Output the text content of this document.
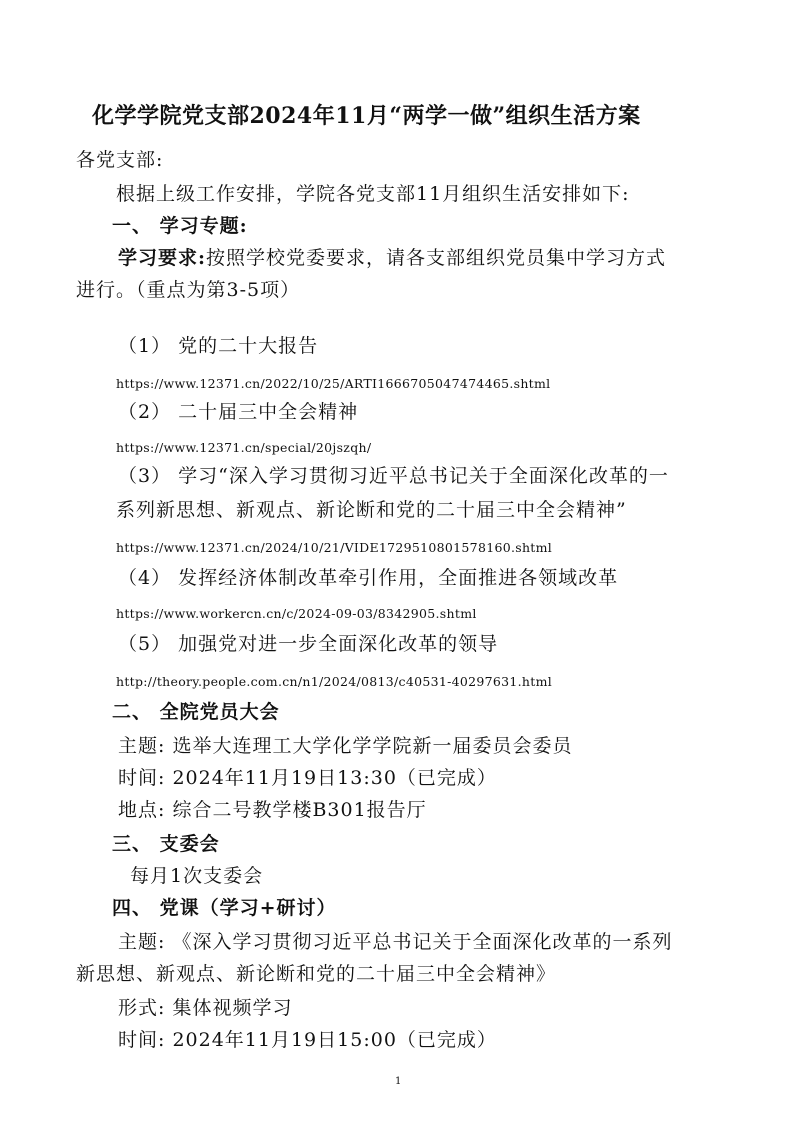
化学学院党支部2024年11月“两学一做”组织生活方案
各党支部:
根据上级工作安排，学院各党支部11月组织生活安排如下:
一、 学习专题:
学习要求:按照学校党委要求，请各支部组织党员集中学习方式
进行。（重点为第3-5项）
（1） 党的二十大报告
https://www.12371.cn/2022/10/25/ARTI1666705047474465.shtml
（2） 二十届三中全会精神
https://www.12371.cn/special/20jszqh/
（3） 学习“深入学习贯彻习近平总书记关于全面深化改革的一
系列新思想、新观点、新论断和党的二十届三中全会精神”
https://www.12371.cn/2024/10/21/VIDE1729510801578160.shtml
（4） 发挥经济体制改革牵引作用，全面推进各领域改革
https://www.workercn.cn/c/2024-09-03/8342905.shtml
（5） 加强党对进一步全面深化改革的领导
http://theory.people.com.cn/n1/2024/0813/c40531-40297631.html
二、 全院党员大会
主题: 选举大连理工大学化学学院新一届委员会委员
时间: 2024年11月19日13:30（已完成）
地点: 综合二号教学楼B301报告厅
三、 支委会
每月1次支委会
四、 党课（学习+研讨）
主题: 《深入学习贯彻习近平总书记关于全面深化改革的一系列
新思想、新观点、新论断和党的二十届三中全会精神》
形式: 集体视频学习
时间: 2024年11月19日15:00（已完成）
1
